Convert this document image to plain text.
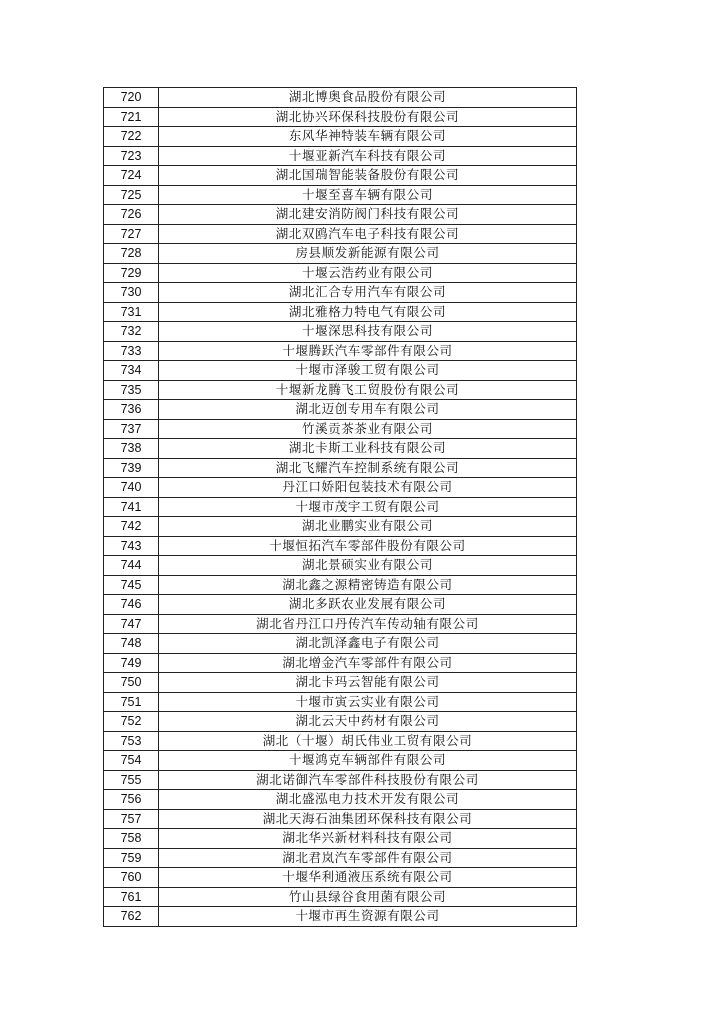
720	湖北博奥食品股份有限公司
721	湖北协兴环保科技股份有限公司
722	东风华神特装车辆有限公司
723	十堰亚新汽车科技有限公司
724	湖北国瑞智能装备股份有限公司
725	十堰至喜车辆有限公司
726	湖北建安消防阀门科技有限公司
727	湖北双鸥汽车电子科技有限公司
728	房县顺发新能源有限公司
729	十堰云浩药业有限公司
730	湖北汇合专用汽车有限公司
731	湖北雅格力特电气有限公司
732	十堰深思科技有限公司
733	十堰腾跃汽车零部件有限公司
734	十堰市泽骏工贸有限公司
735	十堰新龙腾飞工贸股份有限公司
736	湖北迈创专用车有限公司
737	竹溪贡茶茶业有限公司
738	湖北卡斯工业科技有限公司
739	湖北飞耀汽车控制系统有限公司
740	丹江口娇阳包装技术有限公司
741	十堰市茂宇工贸有限公司
742	湖北业鹏实业有限公司
743	十堰恒拓汽车零部件股份有限公司
744	湖北景硕实业有限公司
745	湖北鑫之源精密铸造有限公司
746	湖北多跃农业发展有限公司
747	湖北省丹江口丹传汽车传动轴有限公司
748	湖北凯泽鑫电子有限公司
749	湖北增金汽车零部件有限公司
750	湖北卡玛云智能有限公司
751	十堰市寅云实业有限公司
752	湖北云天中药材有限公司
753	湖北（十堰）胡氏伟业工贸有限公司
754	十堰鸿克车辆部件有限公司
755	湖北诺御汽车零部件科技股份有限公司
756	湖北盛泓电力技术开发有限公司
757	湖北天海石油集团环保科技有限公司
758	湖北华兴新材料科技有限公司
759	湖北君岚汽车零部件有限公司
760	十堰华利通液压系统有限公司
761	竹山县绿谷食用菌有限公司
762	十堰市再生资源有限公司
